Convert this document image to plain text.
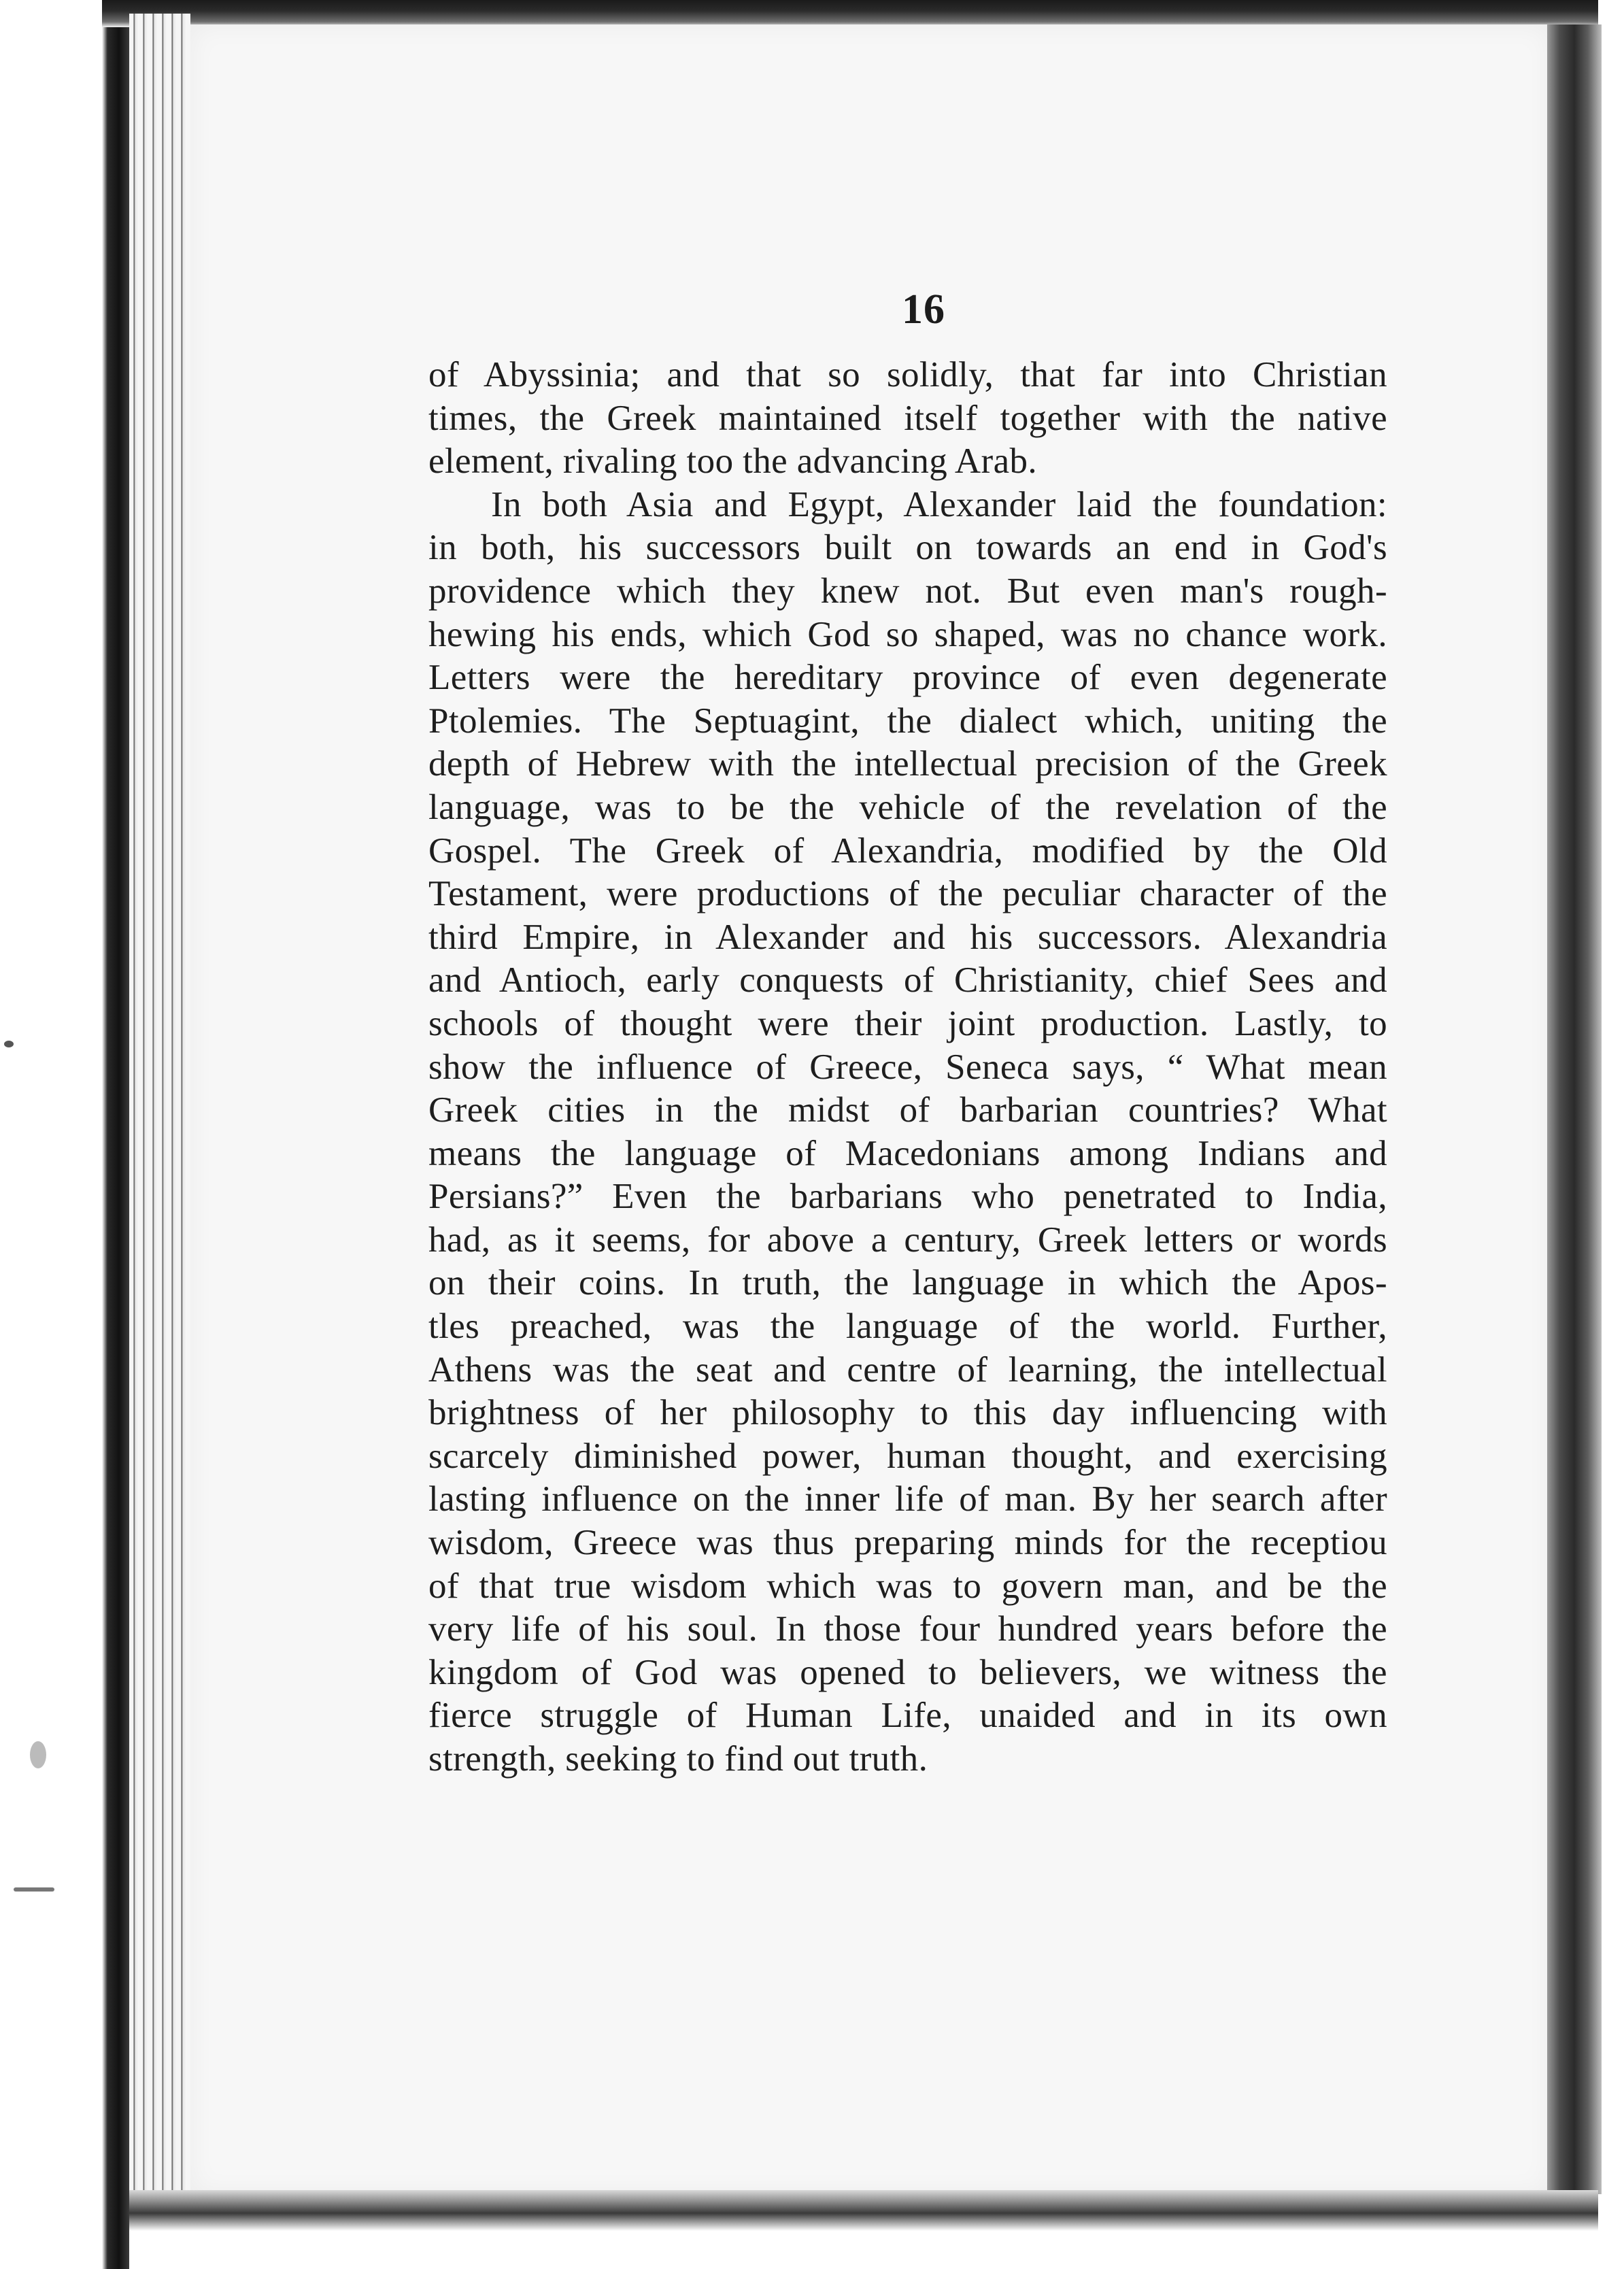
16
of Abyssinia; and that so solidly, that far into Christian
times, the Greek maintained itself together with the native
element, rivaling too the advancing Arab.
In both Asia and Egypt, Alexander laid the foundation:
in both, his successors built on towards an end in God's
providence which they knew not. But even man's rough-
hewing his ends, which God so shaped, was no chance work.
Letters were the hereditary province of even degenerate
Ptolemies. The Septuagint, the dialect which, uniting the
depth of Hebrew with the intellectual precision of the Greek
language, was to be the vehicle of the revelation of the
Gospel. The Greek of Alexandria, modified by the Old
Testament, were productions of the peculiar character of the
third Empire, in Alexander and his successors. Alexandria
and Antioch, early conquests of Christianity, chief Sees and
schools of thought were their joint production. Lastly, to
show the influence of Greece, Seneca says, “ What mean
Greek cities in the midst of barbarian countries? What
means the language of Macedonians among Indians and
Persians?” Even the barbarians who penetrated to India,
had, as it seems, for above a century, Greek letters or words
on their coins. In truth, the language in which the Apos-
tles preached, was the language of the world. Further,
Athens was the seat and centre of learning, the intellectual
brightness of her philosophy to this day influencing with
scarcely diminished power, human thought, and exercising
lasting influence on the inner life of man. By her search after
wisdom, Greece was thus preparing minds for the receptiou
of that true wisdom which was to govern man, and be the
very life of his soul. In those four hundred years before the
kingdom of God was opened to believers, we witness the
fierce struggle of Human Life, unaided and in its own
strength, seeking to find out truth.
